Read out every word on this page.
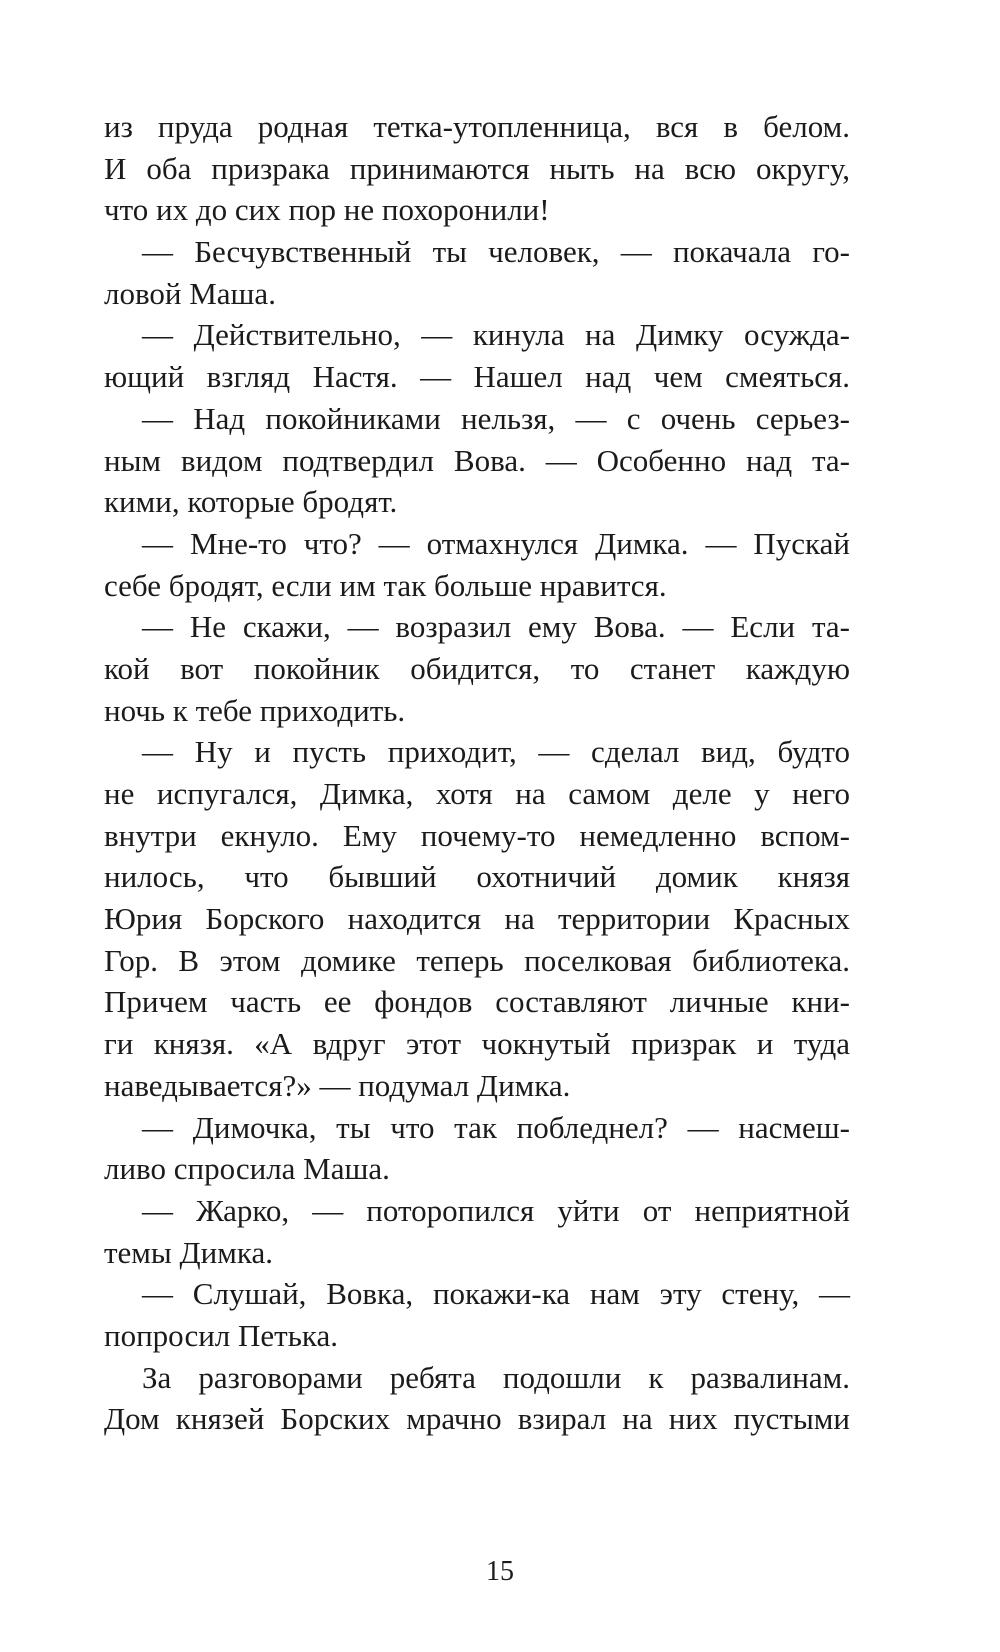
из пруда родная тетка-утопленница, вся в белом.
И оба призрака принимаются ныть на всю округу,
что их до сих пор не похоронили!
— Бесчувственный ты человек, — покачала го-
ловой Маша.
— Действительно, — кинула на Димку осужда-
ющий взгляд Настя. — Нашел над чем смеяться.
— Над покойниками нельзя, — с очень серьез-
ным видом подтвердил Вова. — Особенно над та-
кими, которые бродят.
— Мне-то что? — отмахнулся Димка. — Пускай
себе бродят, если им так больше нравится.
— Не скажи, — возразил ему Вова. — Если та-
кой вот покойник обидится, то станет каждую
ночь к тебе приходить.
— Ну и пусть приходит, — сделал вид, будто
не испугался, Димка, хотя на самом деле у него
внутри екнуло. Ему почему-то немедленно вспом-
нилось, что бывший охотничий домик князя
Юрия Борского находится на территории Красных
Гор. В этом домике теперь поселковая библиотека.
Причем часть ее фондов составляют личные кни-
ги князя. «А вдруг этот чокнутый призрак и туда
наведывается?» — подумал Димка.
— Димочка, ты что так побледнел? — насмеш-
ливо спросила Маша.
— Жарко, — поторопился уйти от неприятной
темы Димка.
— Слушай, Вовка, покажи-ка нам эту стену, —
попросил Петька.
За разговорами ребята подошли к развалинам.
Дом князей Борских мрачно взирал на них пустыми
15
